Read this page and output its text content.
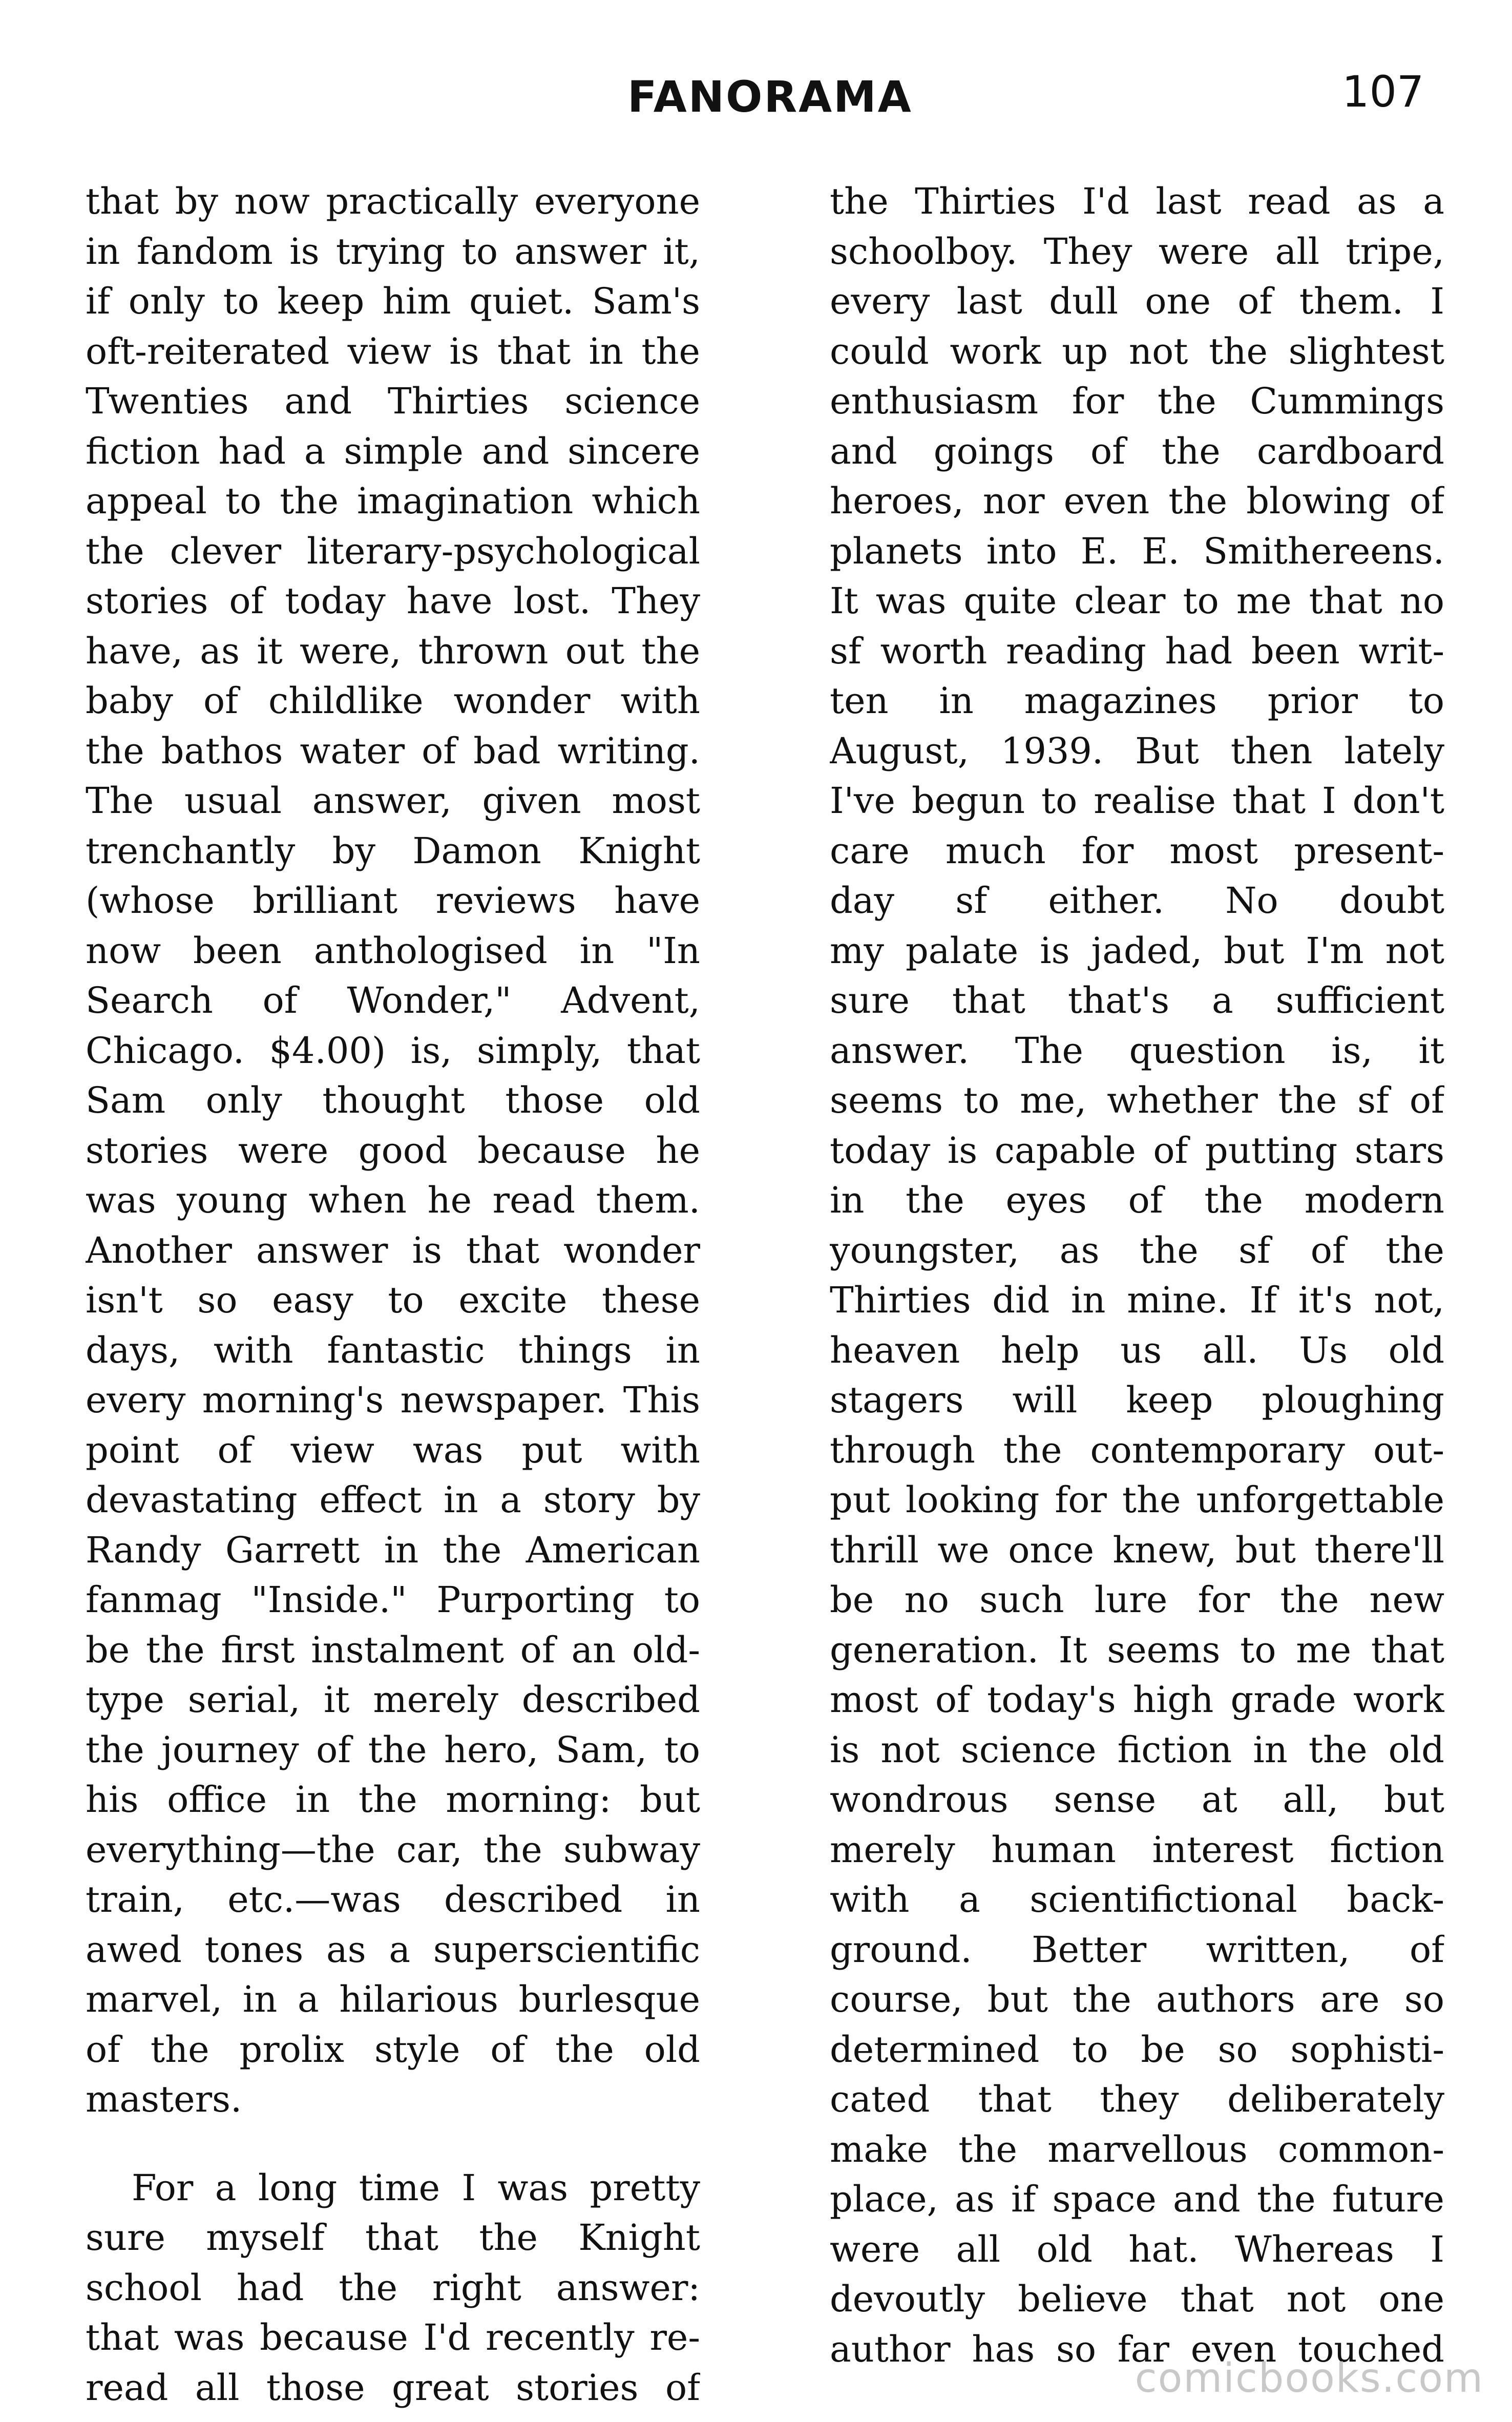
FANORAMA	107
that by now practically everyone
in fandom is trying to answer it,
if only to keep him quiet. Sam's
oft-reiterated view is that in the
Twenties and Thirties science
fiction had a simple and sincere
appeal to the imagination which
the clever literary-psychological
stories of today have lost. They
have, as it were, thrown out the
baby of childlike wonder with
the bathos water of bad writing.
The usual answer, given most
trenchantly by Damon Knight
(whose brilliant reviews have
now been anthologised in "In
Search of Wonder," Advent,
Chicago. $4.00) is, simply, that
Sam only thought those old
stories were good because he
was young when he read them.
Another answer is that wonder
isn't so easy to excite these
days, with fantastic things in
every morning's newspaper. This
point of view was put with
devastating effect in a story by
Randy Garrett in the American
fanmag "Inside." Purporting to
be the first instalment of an old-
type serial, it merely described
the journey of the hero, Sam, to
his office in the morning: but
everything—the car, the subway
train, etc.—was described in
awed tones as a superscientific
marvel, in a hilarious burlesque
of the prolix style of the old
masters.
For a long time I was pretty
sure myself that the Knight
school had the right answer:
that was because I'd recently re-
read all those great stories of
the Thirties I'd last read as a
schoolboy. They were all tripe,
every last dull one of them. I
could work up not the slightest
enthusiasm for the Cummings
and goings of the cardboard
heroes, nor even the blowing of
planets into E. E. Smithereens.
It was quite clear to me that no
sf worth reading had been writ-
ten in magazines prior to
August, 1939. But then lately
I've begun to realise that I don't
care much for most present-
day sf either. No doubt
my palate is jaded, but I'm not
sure that that's a sufficient
answer. The question is, it
seems to me, whether the sf of
today is capable of putting stars
in the eyes of the modern
youngster, as the sf of the
Thirties did in mine. If it's not,
heaven help us all. Us old
stagers will keep ploughing
through the contemporary out-
put looking for the unforgettable
thrill we once knew, but there'll
be no such lure for the new
generation. It seems to me that
most of today's high grade work
is not science fiction in the old
wondrous sense at all, but
merely human interest fiction
with a scientifictional back-
ground. Better written, of
course, but the authors are so
determined to be so sophisti-
cated that they deliberately
make the marvellous common-
place, as if space and the future
were all old hat. Whereas I
devoutly believe that not one
author has so far even touched
comicbooks.com
